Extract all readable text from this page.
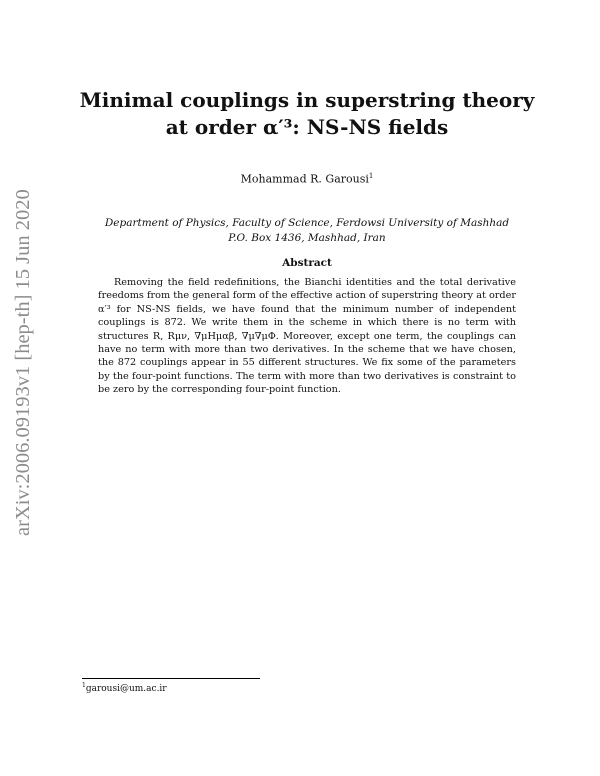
arXiv:2006.09193v1 [hep-th] 15 Jun 2020
Minimal couplings in superstring theory
at order α′³: NS-NS fields
Mohammad R. Garousi$^1$
Department of Physics, Faculty of Science, Ferdowsi University of Mashhad
P.O. Box 1436, Mashhad, Iran
Abstract

Removing the field redefinitions, the Bianchi identities and the total derivative freedoms from the general form of the effective action of superstring theory at order α′³ for NS-NS fields, we have found that the minimum number of independent couplings is 872. We write them in the scheme in which there is no term with structures R, Rμν, ∇μHμαβ, ∇μ∇μΦ. Moreover, except one term, the couplings can have no term with more than two derivatives. In the scheme that we have chosen, the 872 couplings appear in 55 different structures. We fix some of the parameters by the four-point functions. The term with more than two derivatives is constraint to be zero by the corresponding four-point function.

$^1$garousi@um.ac.ir
